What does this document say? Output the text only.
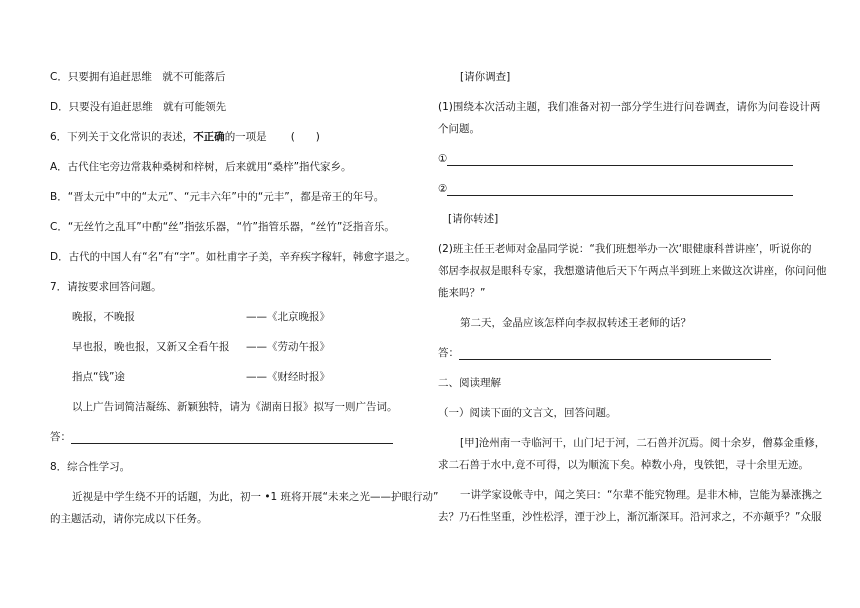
C．只要拥有追赶思维　就不可能落后
D．只要没有追赶思维　就有可能领先
6．下列关于文化常识的表述，不正确的一项是 (　　)
A．古代住宅旁边常栽种桑树和梓树，后来就用“桑梓”指代家乡。
B．“晋太元中”中的“太元”、“元丰六年”中的“元丰”，都是帝王的年号。
C．“无丝竹之乱耳”中酌“丝”指弦乐器，“竹”指管乐器，“丝竹”泛指音乐。
D．古代的中国人有“名”有“字”。如杜甫字子美，辛弃疾字稼轩，韩愈字退之。
7．请按要求回答问题。
晚报，不晚报	——《北京晚报》
早也报，晚也报，又新又全看午报 ——《劳动午报》
指点“钱”途	——《财经时报》
以上广告词简洁凝练、新颖独特，请为《湖南日报》拟写一则广告词。
答：
8．综合性学习。
近视是中学生绕不开的话题，为此，初一 •1 班将开展“未来之光——护眼行动”
的主题活动，请你完成以下任务。
[请你调查]
(1)围绕本次活动主题，我们准备对初一部分学生进行问卷调查，请你为问卷设计两
个问题。
①
②
[请你转述]
(2)班主任王老师对金晶同学说：“我们班想举办一次‘眼健康科普讲座’，听说你的
邻居李叔叔是眼科专家，我想邀请他后天下午两点半到班上来做这次讲座，你问问他
能来吗？”
第二天，金晶应该怎样向李叔叔转述王老师的话？
答：
二、阅读理解
（一）阅读下面的文言文，回答问题。
[甲]沧州南一寺临河干，山门圮于河，二石兽并沉焉。阅十余岁，僧募金重修，
求二石兽于水中,竟不可得，以为顺流下矣。棹数小舟，曳铁钯，寻十余里无迹。
一讲学家设帐寺中，闻之笑曰：“尔辈不能究物理。是非木柿，岂能为暴涨携之
去？乃石性坚重，沙性松浮，湮于沙上，渐沉渐深耳。沿河求之，不亦颠乎？”众服
